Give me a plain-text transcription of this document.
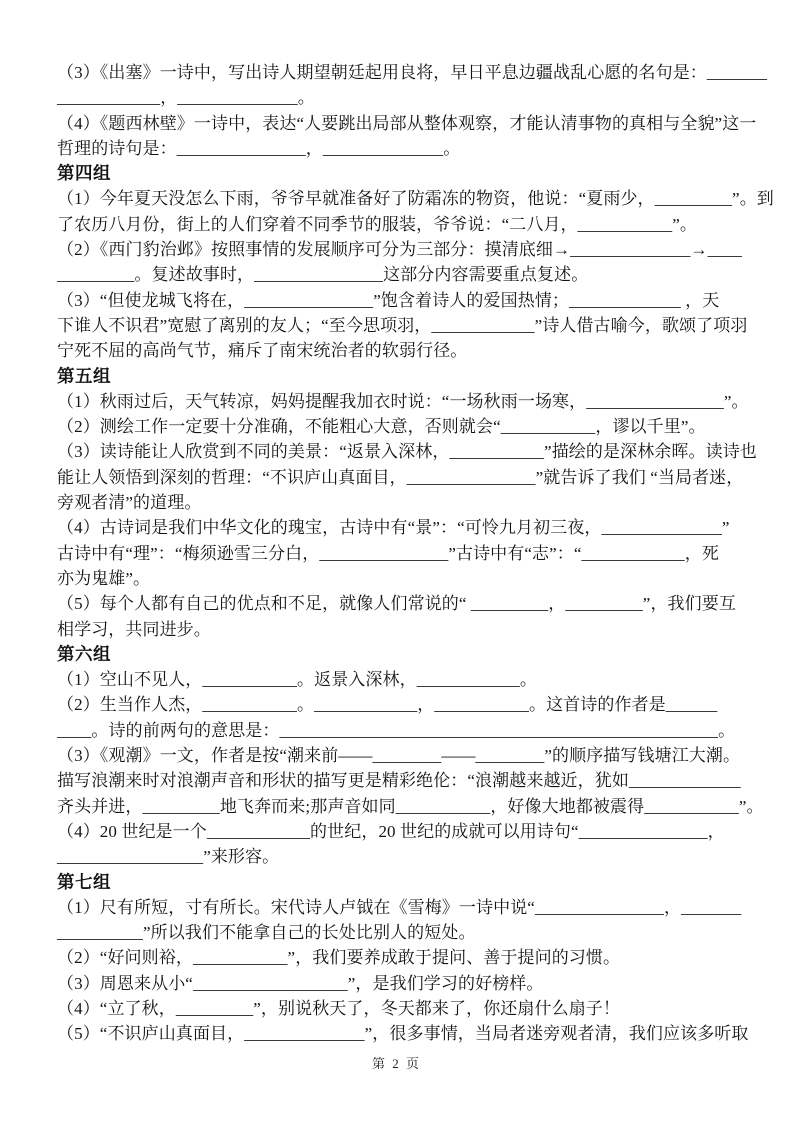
（3）《出塞》一诗中，写出诗人期望朝廷起用良将，早日平息边疆战乱心愿的名句是：_______
____________，______________。
（4）《题西林壁》一诗中，表达“人要跳出局部从整体观察，才能认清事物的真相与全貌”这一
哲理的诗句是：_______________，______________。
第四组
（1）今年夏天没怎么下雨，爷爷早就准备好了防霜冻的物资，他说：“夏雨少，_________”。到
了农历八月份，街上的人们穿着不同季节的服装，爷爷说：“二八月，___________”。
（2）《西门豹治邺》按照事情的发展顺序可分为三部分：摸清底细→______________→____
_________。复述故事时，_______________这部分内容需要重点复述。
（3）“但使龙城飞将在，_______________”饱含着诗人的爱国热情；_____________ ，天
下谁人不识君”宽慰了离别的友人；“至今思项羽，____________”诗人借古喻今，歌颂了项羽
宁死不屈的高尚气节，痛斥了南宋统治者的软弱行径。
第五组
（1）秋雨过后，天气转凉，妈妈提醒我加衣时说：“一场秋雨一场寒，________________”。
（2）测绘工作一定要十分准确，不能粗心大意，否则就会“___________，谬以千里”。
（3）读诗能让人欣赏到不同的美景：“返景入深林，___________”描绘的是深林余晖。读诗也
能让人领悟到深刻的哲理：“不识庐山真面目，_______________”就告诉了我们 “当局者迷，
旁观者清”的道理。
（4）古诗词是我们中华文化的瑰宝，古诗中有“景”：“可怜九月初三夜，______________”
古诗中有“理”：“梅须逊雪三分白，_______________”古诗中有“志”：“____________，死
亦为鬼雄”。
（5）每个人都有自己的优点和不足，就像人们常说的“ _________，_________”，我们要互
相学习，共同进步。
第六组
（1）空山不见人，___________。返景入深林，____________。
（2）生当作人杰，___________。____________，___________。这首诗的作者是______
____。诗的前两句的意思是：___________________________________________________。
（3）《观潮》一文，作者是按“潮来前——________——________”的顺序描写钱塘江大潮。
描写浪潮来时对浪潮声音和形状的描写更是精彩绝伦：“浪潮越来越近，犹如_____________
齐头并进，_________地飞奔而来;那声音如同___________，好像大地都被震得___________”。
（4）20 世纪是一个____________的世纪，20 世纪的成就可以用诗句“_______________，
_________________”来形容。
第七组
（1）尺有所短，寸有所长。宋代诗人卢钺在《雪梅》一诗中说“_______________，_______
__________”所以我们不能拿自己的长处比别人的短处。
（2）“好问则裕，___________”，我们要养成敢于提问、善于提问的习惯。
（3）周恩来从小“__________________”，是我们学习的好榜样。
（4）“立了秋，_________”，别说秋天了，冬天都来了，你还扇什么扇子！
（5）“不识庐山真面目，______________”，很多事情，当局者迷旁观者清，我们应该多听取
第 2 页
